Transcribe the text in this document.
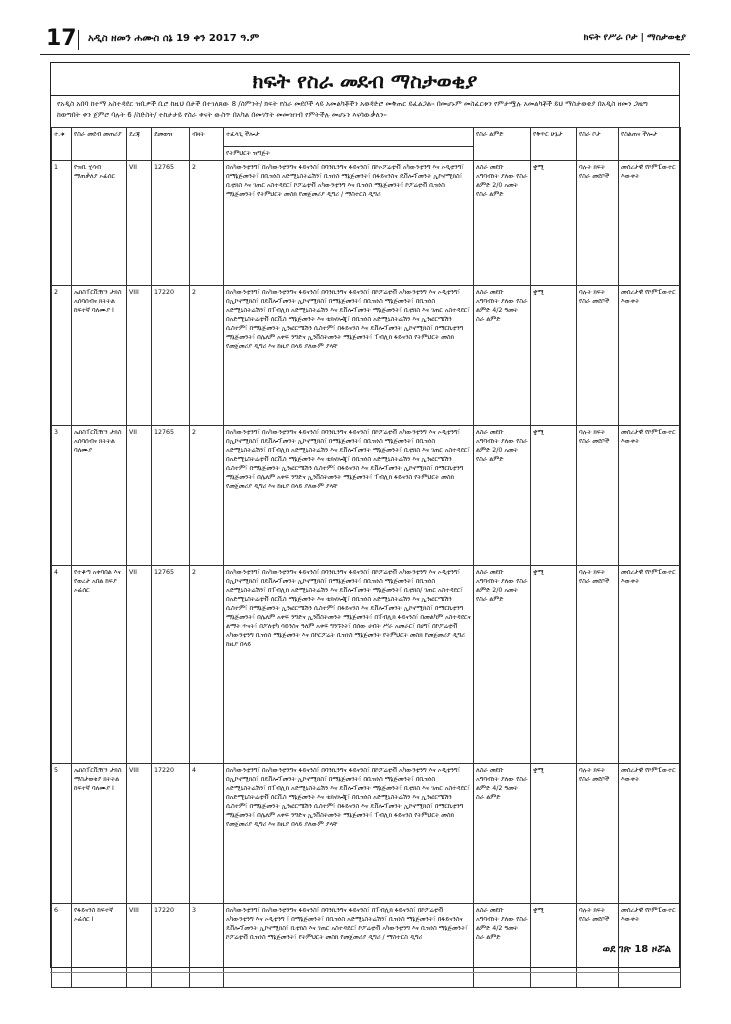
17 አዲስ ዘመን ሐሙስ ሰኔ 19 ቀን 2017 ዓ.ም	ክፍት የሥራ ቦታ | ማስታወቂያ
ክፍት የስራ መደብ ማስታወቂያ
የአዲስ አበባ ከተማ አስተዳደር ዝቢዎች ቢሮ ከዚህ በታች በተገለጸው 8 /ስምንት/ ክፍት የስራ መደቦች ላይ አመልካቾችን አወዳድሮ መቅጠር ይፈልጋል፡፡ በመሆኑም መስፈርቱን የምታሟሉ አመልካቾች ይህ ማስታወቂያ በአዲስ ዘመን ጋዜጣ ከወጣበት ቀን ጀምሮ ባሉት 6 /ስድስት/ ተከታታይ የስራ ቀናት ውስጥ በአካል በመገኘት መመዝገብ የምትችሉ መሆኑን እናሳውቃለን፡፡
ተ.ቁ	የስራ መደብ መጠሪያ	ደረጃ	ደመወዝ	ብዛት	ተፈላጊ ችሎታ	የስራ ልምድ	የቅጥር ሁኔታ	የስራ ቦታ	የስልጠና ችሎታ
					የትምህርት ዝግጅት				
1	የዝቢ ሂሳብ ማጠቃለያ ኦፊሰር	VII	12765	2	በአካውንቲንግ፣ በአካውንቲንግና ፋይናንስ፣ በባንኪንግና ፋይናንስ፣ በኮኦፖሬቲቭ አካውንቲንግ እና ኦዲቲንግ፣ በማኔጅመንት፣ በቢዝነስ አድሚኒስትሬሽን፣ ቢዝነስ ማኔጅመንት፣ በፋይናንስና ዴቨሎፕመንት ኢኮኖሚክስ፣ ቢቲክስ እና ገጠር አስተዳደር፣ ኮፖሬቲቭ አካውንቲንግ እና ቢዝነስ ማኔጅመንት፣ ኮፖሬቲቭ ቢዝነስ ማኔጅመንት፣ የትምህርት መስክ የመጀመሪያ ዲግሪ / ማስተርስ ዲግሪ	ለስራ መደቡ አግባብነት ያለው የስራ ልምድ 2/0 አመት የስራ ልምድ	ቋሚ	ባሉት ክፍት የስራ መደቦች	መሰረታዊ የኮምፒውተር እውቀት
2	ኤክስፐርቪዥን ታክስ አሰባሰብና ክትትል ከፍተኛ ባለሙያ I	VIII	17220	2	በአካውንቲንግ፣ በአካውንቲንግና ፋይናንስ፣ በባንኪንግና ፋይናንስ፣ በኮፖሬቲቭ አካውንቲንግ እና ኦዲቲንግ፣ በኢኮኖሚክስ፣ በዴቨሎፕመንት ኢኮኖሚክስ፣ በማኔጅመንት፣ በቢዝነስ ማኔጅመንት፣ በቢዝነስ አድሚኒስትሬሽን፣ በፐብሊክ አድሚኒስትሬሽን እና ዴቨሎፕመንት ማኔጅመንት፣ ቢቲክስ እና ገጠር አስተዳደር፣ በአድሚኒስትሬቲቭ ሰርቪስ ማኔጅመንት እና ቴክኖሎጂ፣ በቢዝነስ አድሚኒስትሬሽን እና ኢንፎርሜሽን ሲስተም፣ በማኔጅመንት ኢንፎርሜሽን ሲስተም፣ በፋይናንስ እና ዴቨሎፕመንት ኢኮኖሚክስ፣ በማርኬቲንግ ማኔጅመንት፣ በሌለም አቀፍ ንግድና ኢንቨስትመንት ማኔጅመንት፣ ፐብሊክ ፋይናንስ የትምህርት መስክ የመጀመሪያ ዲግሪ እና ከዚያ በላይ ያለውም ያላቸ	ለስራ መደቡ አግባብነት ያለው የስራ ልምድ 4/2 ዓመት ስራ ልምድ	ቋሚ	ባሉት ክፍት የስራ መደቦች	መሰረታዊ የኮምፒውተር እውቀት
3	ኤክስፐርቪዥን ታክስ አሰባሰብና ክትትል ባለሙያ	VII	12765	2	በአካውንቲንግ፣ በአካውንቲንግና ፋይናንስ፣ በባንኪንግና ፋይናንስ፣ በኮፖሬቲቭ አካውንቲንግ እና ኦዲቲንግ፣ በኢኮኖሚክስ፣ በዴቨሎፕመንት ኢኮኖሚክስ፣ በማኔጅመንት፣ በቢዝነስ ማኔጅመንት፣ በቢዝነስ አድሚኒስትሬሽን፣ በፐብሊክ አድሚኒስትሬሽን እና ዴቨሎፕመንት ማኔጅመንት፣ ቢቲክስ እና ገጠር አስተዳደር፣ በአድሚኒስትሬቲቭ ሰርቪስ ማኔጅመንት እና ቴክኖሎጂ፣ በቢዝነስ አድሚኒስትሬሽን እና ኢንፎርሜሽን ሲስተም፣ በማኔጅመንት ኢንፎርሜሽን ሲስተም፣ በፋይናንስ እና ዴቨሎፕመንት ኢኮኖሚክስ፣ በማርኬቲንግ ማኔጅመንት፣ በሌለም አቀፍ ንግድና ኢንቨስትመንት ማኔጅመንት፣ ፐብሊክ ፋይናንስ የትምህርት መስክ የመጀመሪያ ዲግሪ እና ከዚያ በላይ ያለውም ያላቸ	ለስራ መደቡ አግባብነት ያለው የስራ ልምድ 2/0 አመት የስራ ልምድ	ቋሚ	ባሉት ክፍት የስራ መደቦች	መሰረታዊ የኮምፒውተር እውቀት
4	የተቆጣ አቀባበል እና የወረታ አበል ከፍያ ኦፊሰር	VII	12765	2	በአካውንቲንግ፣ በአካውንቲንግና ፋይናንስ፣ በባንኪንግና ፋይናንስ፣ በኮፖሬቲቭ አካውንቲንግ እና ኦዲቲንግ፣ በኢኮኖሚክስ፣ በዴቨሎፕመንት ኢኮኖሚክስ፣ በማኔጅመንት፣ በቢዝነስ ማኔጅመንት፣ በቢዝነስ አድሚኒስትሬሽን፣ በፐብሊክ አድሚኒስትሬሽን እና ዴቨሎፕመንት ማኔጅመንት፣ ቢቲክስ/ ገጠር አስተዳደር፣ በአድሚኒስትሬቲቭ ሰርቪስ ማኔጅመንት እና ቴክኖሎጂ፣ በቢዝነስ አድሚኒስትሬሽን እና ኢንፎርሜሽን ሲስተም፣ በማኔጅመንት ኢንፎርሜሽን ሲስተም፣ በፋይናንስ እና ዴቨሎፕመንት ኢኮኖሚክስ፣ በማርኬቲንግ ማኔጅመንት፣ በሌለም አቀፍ ንግድና ኢንቨስትመንት ማኔጅመንት፣ በፐብሊክ ፋይናንስ፣ በመልካም አስተዳደርና ልማት ጥናት፣ በፖለቲካ ሳይንስና ዓለም አቀፍ ግንኙነት፣ በሰው ሀብት ሥራ አመራር፣ በሀግ፣ በኮፖሬቲቭ አካውንቲንግ ቢዝነስ ማኔጅመንት እና በኮርፖሬት ቢዝነስ ማኔጅመንት የትምህርት መስክ የመጀመሪያ ዲግሪ ከዚያ በላይ	ለስራ መደቡ አግባብነት ያለው የስራ ልምድ 2/0 አመት የስራ ልምድ	ቋሚ	ባሉት ክፍት የስራ መደቦች	መሰረታዊ የኮምፒውተር እውቀት
5	ኤክስፐርቪዥን ታክስ ማስታወቂያ ክትትል ከፍተኛ ባለሙያ I	VIII	17220	4	በአካውንቲንግ፣ በአካውንቲንግና ፋይናንስ፣ በባንኪንግና ፋይናንስ፣ በኮፖሬቲቭ አካውንቲንግ እና ኦዲቲንግ፣ በኢኮኖሚክስ፣ በዴቨሎፕመንት ኢኮኖሚክስ፣ በማኔጅመንት፣ በቢዝነስ ማኔጅመንት፣ በቢዝነስ አድሚኒስትሬሽን፣ በፐብሊክ አድሚኒስትሬሽን እና ዴቨሎፕመንት ማኔጅመንት፣ ቢቲክስ እና ገጠር አስተዳደር፣ በአድሚኒስትሬቲቭ ሰርቪስ ማኔጅመንት እና ቴክኖሎጂ፣ በቢዝነስ አድሚኒስትሬሽን እና ኢንፎርሜሽን ሲስተም፣ በማኔጅመንት ኢንፎርሜሽን ሲስተም፣ በፋይናንስ እና ዴቨሎፕመንት ኢኮኖሚክስ፣ በማርኬቲንግ ማኔጅመንት፣ በሌለም አቀፍ ንግድና ኢንቨስትመንት ማኔጅመንት፣ ፐብሊክ ፋይናንስ የትምህርት መስክ የመጀመሪያ ዲግሪ እና ከዚያ በላይ ያለውም ያላቸ	ለስራ መደቡ አግባብነት ያለው የስራ ልምድ 4/2 ዓመት ስራ ልምድ	ቋሚ	ባሉት ክፍት የስራ መደቦች	መሰረታዊ የኮምፒውተር እውቀት
6	የፋይናንስ ከፍተኛ ኦፊሰር I	VIII	17220	3	በአካውንቲንግ፣ በአካውንቲንግና ፋይናንስ፣ በባንኪንግና ፋይናንስ፣ በፐብሊክ ፋይናንስ፣ በኮፖሬቲቭ አካውንቲንግ እና ኦዲቲንግ ፣ በማኔጅመንት፣ በቢዝነስ አድሚኒስትሬሽን፣ ቢዝነስ ማኔጅመንት፣ በፋይናንስና ዴቨሎፕመንት ኢኮኖሚክስ፣ ቢቲክስ እና ገጠር አስተዳደር፣ ኮፖሬቲቭ አካውንቲንግ እና ቢዝነስ ማኔጅመንት፣ ኮፖሬቲቭ ቢዝነስ ማኔጅመንት፣ የትምህርት መስክ የመጀመሪያ ዲግሪ / ማስተርስ ዲግሪ	ለስራ መደቡ አግባብነት ያለው የስራ ልምድ 4/2 ዓመት ስራ ልምድ	ቋሚ	ባሉት ክፍት የስራ መደቦች	መሰረታዊ የኮምፒውተር እውቀት
ወደ ገጽ 18 ዞሯል
